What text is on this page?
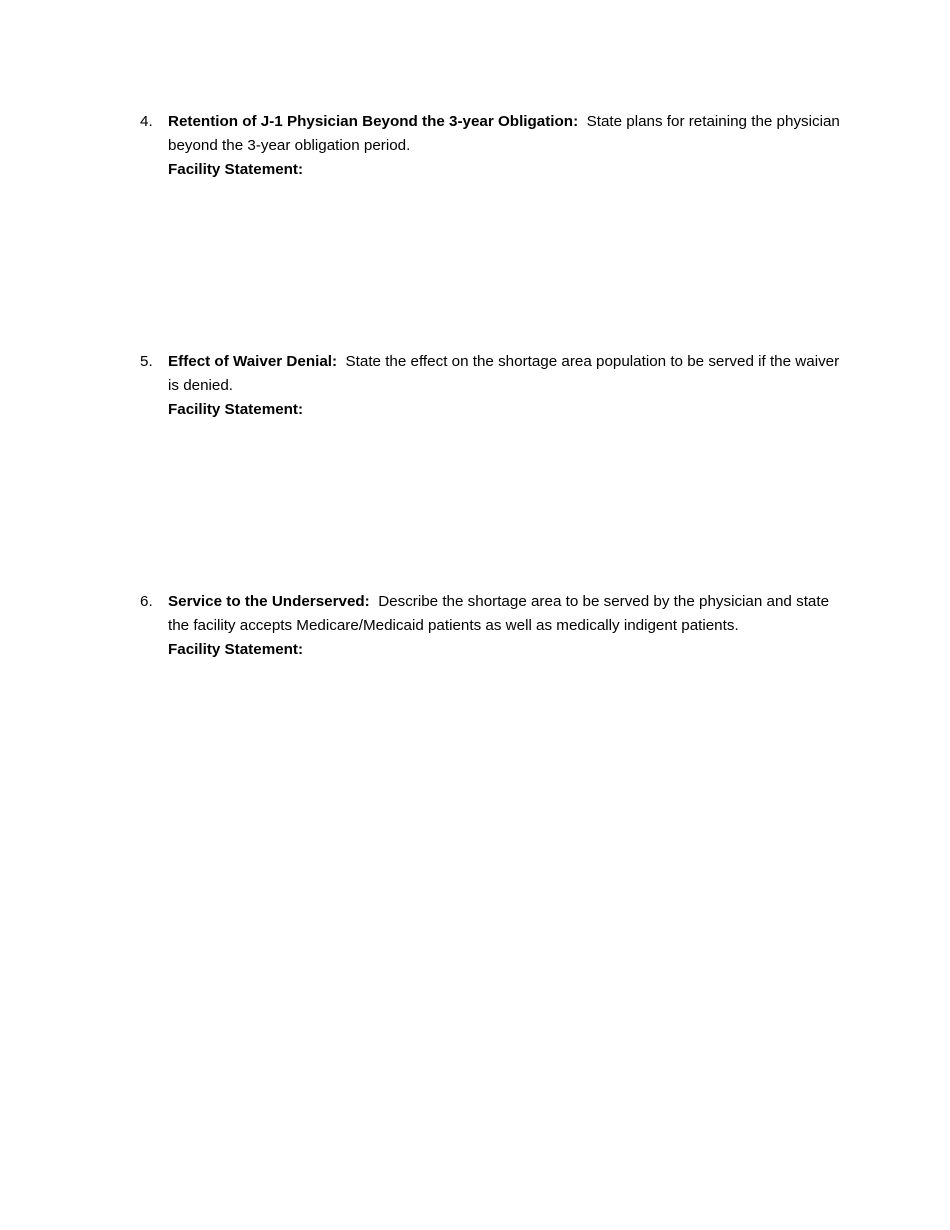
4.	Retention of J-1 Physician Beyond the 3-year Obligation: State plans for retaining the physician beyond the 3-year obligation period.
Facility Statement:
5.	Effect of Waiver Denial: State the effect on the shortage area population to be served if the waiver is denied.
Facility Statement:
6.	Service to the Underserved: Describe the shortage area to be served by the physician and state the facility accepts Medicare/Medicaid patients as well as medically indigent patients.
Facility Statement:
